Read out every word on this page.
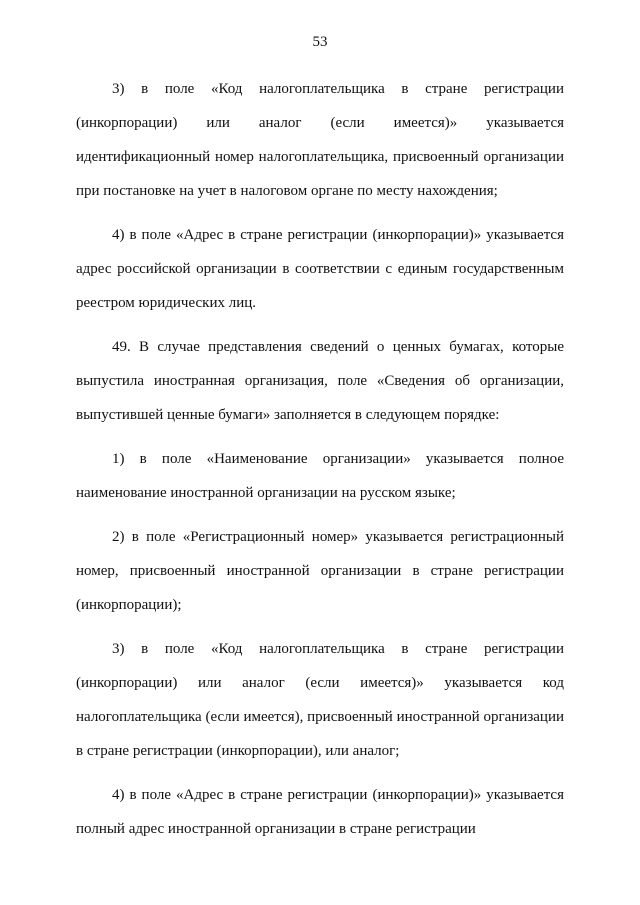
53

3) в поле «Код налогоплательщика в стране регистрации (инкорпорации) или аналог (если имеется)» указывается идентификационный номер налогоплательщика, присвоенный организации при постановке на учет в налоговом органе по месту нахождения;

4) в поле «Адрес в стране регистрации (инкорпорации)» указывается адрес российской организации в соответствии с единым государственным реестром юридических лиц.

49. В случае представления сведений о ценных бумагах, которые выпустила иностранная организация, поле «Сведения об организации, выпустившей ценные бумаги» заполняется в следующем порядке:

1) в поле «Наименование организации» указывается полное наименование иностранной организации на русском языке;

2) в поле «Регистрационный номер» указывается регистрационный номер, присвоенный иностранной организации в стране регистрации (инкорпорации);

3) в поле «Код налогоплательщика в стране регистрации (инкорпорации) или аналог (если имеется)» указывается код налогоплательщика (если имеется), присвоенный иностранной организации в стране регистрации (инкорпорации), или аналог;

4) в поле «Адрес в стране регистрации (инкорпорации)» указывается полный адрес иностранной организации в стране регистрации
